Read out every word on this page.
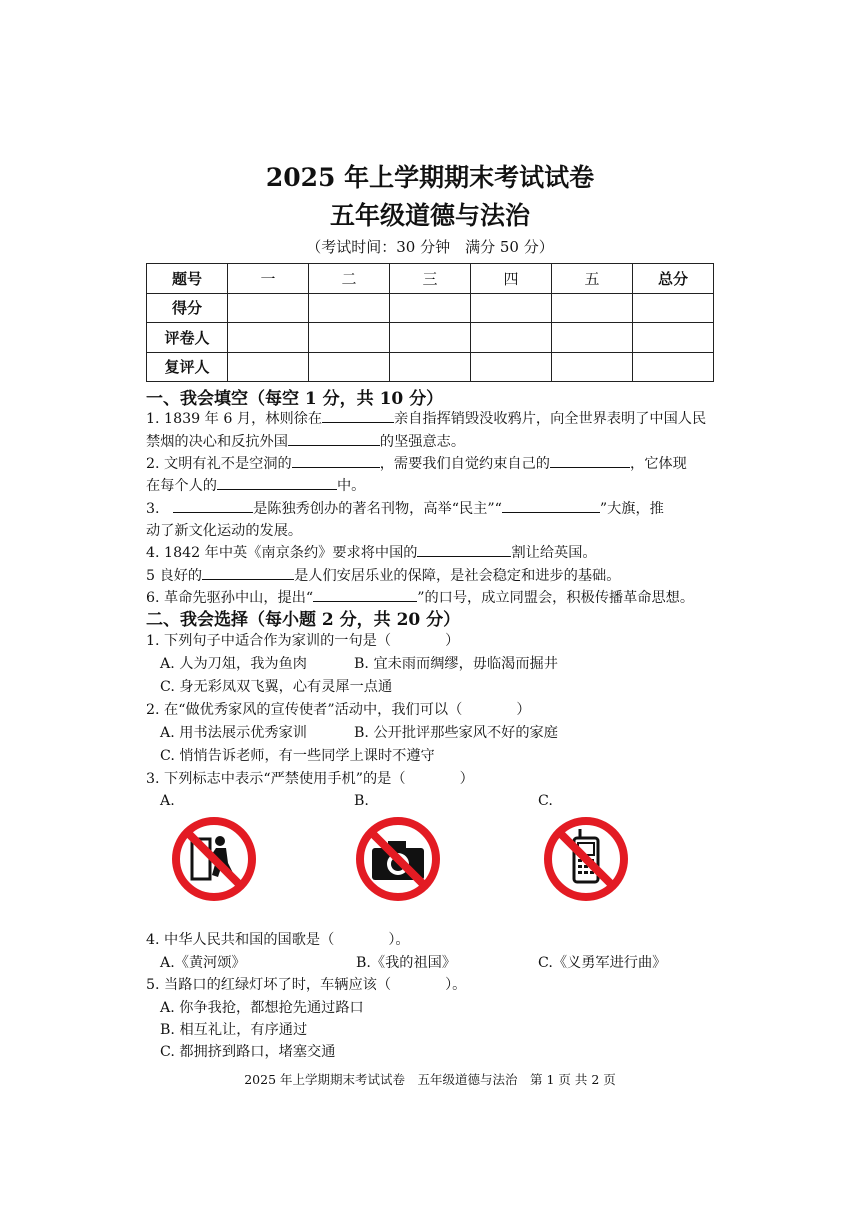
2025 年上学期期末考试试卷
五年级道德与法治
（考试时间：30 分钟　满分 50 分）
题号	一	二	三	四	五	总分
得分						
评卷人						
复评人						
一、我会填空（每空 1 分，共 10 分）
1. 1839 年 6 月，林则徐在	亲自指挥销毁没收鸦片，向全世界表明了中国人民
禁烟的决心和反抗外国	的坚强意志。
2. 文明有礼不是空洞的	，需要我们自觉约束自己的	，它体现
在每个人的	中。
3.	是陈独秀创办的著名刊物，高举“民主”“	”大旗，推
动了新文化运动的发展。
4. 1842 年中英《南京条约》要求将中国的	割让给英国。
5 良好的	是人们安居乐业的保障，是社会稳定和进步的基础。
6. 革命先驱孙中山，提出“	”的口号，成立同盟会，积极传播革命思想。
二、我会选择（每小题 2 分，共 20 分）
1. 下列句子中适合作为家训的一句是（	）
A. 人为刀俎，我为鱼肉	B. 宜未雨而绸缪，毋临渴而掘井
C. 身无彩凤双飞翼，心有灵犀一点通
2. 在“做优秀家风的宣传使者”活动中，我们可以（	）
A. 用书法展示优秀家训	B. 公开批评那些家风不好的家庭
C. 悄悄告诉老师，有一些同学上课时不遵守
3. 下列标志中表示“严禁使用手机”的是（	）
A.	B.	C.
4. 中华人民共和国的国歌是（	）。
A.《黄河颂》	B.《我的祖国》	C.《义勇军进行曲》
5. 当路口的红绿灯坏了时，车辆应该（	）。
A. 你争我抢，都想抢先通过路口
B. 相互礼让，有序通过
C. 都拥挤到路口，堵塞交通
2025 年上学期期末考试试卷　五年级道德与法治　第 1 页 共 2 页
